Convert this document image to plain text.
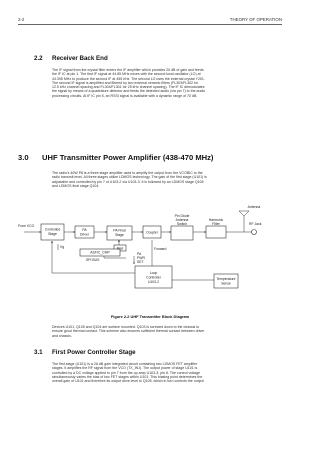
2-2	THEORY OF OPERATION
2.2 Receiver Back End
The IF signal from the crystal filter enters the IF amplifier which provides 20 dB of gain and feeds
the IF IC at pin 1. The first IF signal at 44.85 MHz mixes with the second local oscillator (LO) at
44.395 MHz to produce the second IF at 455 kHz. The second LO uses the external crystal Y201.
The second IF signal is amplified and filtered by two external ceramic filters (FL303/FL302 for
12.5 kHz channel spacing and FL304/FL301 for 25 kHz channel spacing). The IF IC demodulates
the signal by means of a quadrature detector and feeds the detected audio (via pin 7) to the audio
processing circuits. At IF IC pin 5, an RSSI signal is available with a dynamic range of 70 dB.
3.0 UHF Transmitter Power Amplifier (438-470 MHz)
The radio's 40W PA is a three stage amplifier used to amplify the output from the VCOBIC to the
radio transmit level. All three stages utilize LDMOS technology. The gain of the first stage (U101) is
adjustable and controlled by pin 7 of U103-2 via U103-3. It is followed by an LDMOS stage Q105
and LDMOS final stage Q104.
From VCO
Controlled
Stage
PA
Driver
PA Final
Stage
Coupler
Pin Diode
Antenna
Switch
Harmonic
Filter	RF Jack
Antenna
Bias
ASFIC_CMP
SPI BUS
PA
PWR
SET
Forward
Loop
Controller
U103-2
Temperature
Sense
Vg
Figure 2-2 UHF Transmitter Block Diagram
Devices U101, Q105 and Q104 are surface mounted. Q103 is screwed down to the chassis to
ensure good thermal contact. This scheme also ensures sufficient thermal contact between driver
and chassis.
3.1 First Power Controller Stage
The first stage (U101) is a 2A dB gain integrated circuit containing two LDMOS FET amplifier
stages. It amplifies the RF signal from the VCO (TX_INJ). The output power of stage U101 is
controlled by a DC voltage applied to pin 7 from the op-amp U103-3, pin 8. The control voltage
simultaneously varies the bias of two FET stages within U101. This biasing point determines the
overall gain of U101 and therefore its output drive level to Q105, which in turn controls the output
